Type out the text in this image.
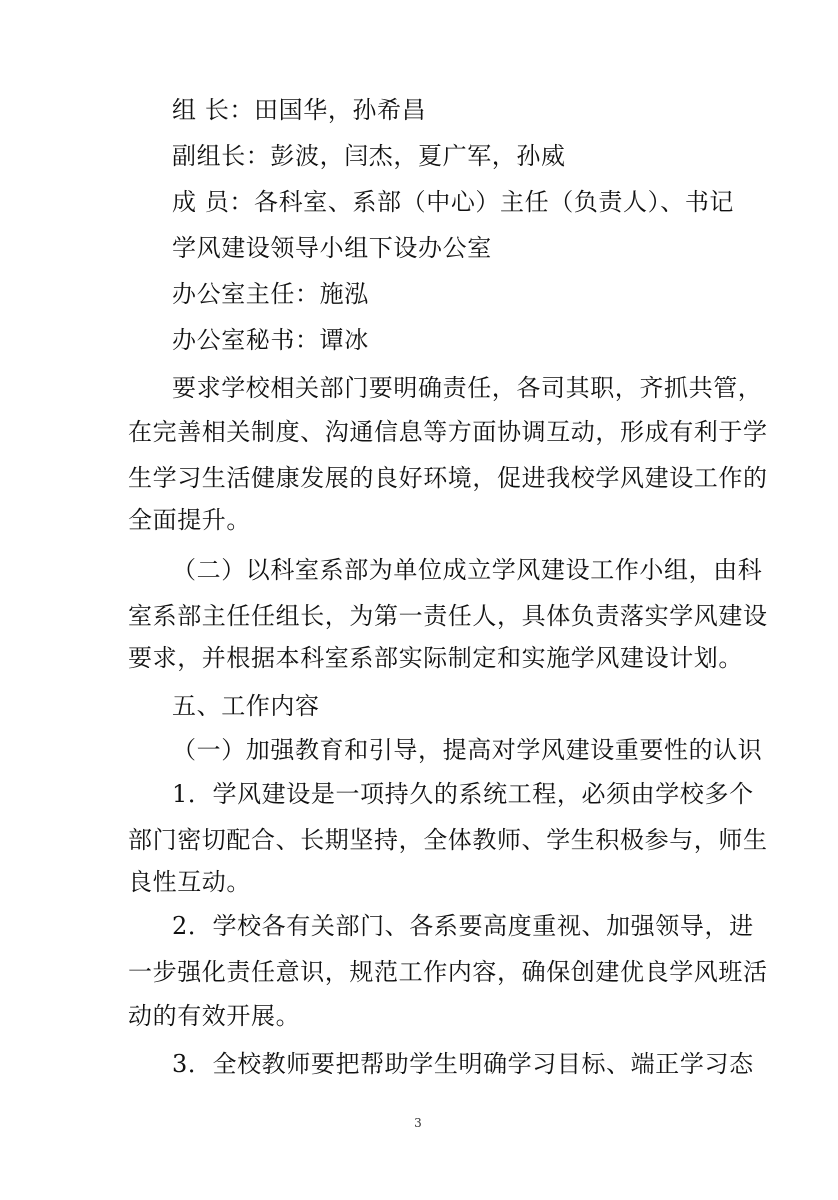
组 长：田国华，孙希昌
副组长：彭波，闫杰，夏广军，孙威
成 员：各科室、系部（中心）主任（负责人）、书记
学风建设领导小组下设办公室
办公室主任：施泓
办公室秘书：谭冰
要求学校相关部门要明确责任，各司其职，齐抓共管，
在完善相关制度、沟通信息等方面协调互动，形成有利于学
生学习生活健康发展的良好环境，促进我校学风建设工作的
全面提升。
（二）以科室系部为单位成立学风建设工作小组，由科
室系部主任任组长，为第一责任人，具体负责落实学风建设
要求，并根据本科室系部实际制定和实施学风建设计划。
五、工作内容
（一）加强教育和引导，提高对学风建设重要性的认识
1．学风建设是一项持久的系统工程，必须由学校多个
部门密切配合、长期坚持，全体教师、学生积极参与，师生
良性互动。
2．学校各有关部门、各系要高度重视、加强领导，进
一步强化责任意识，规范工作内容，确保创建优良学风班活
动的有效开展。
3．全校教师要把帮助学生明确学习目标、端正学习态
3
